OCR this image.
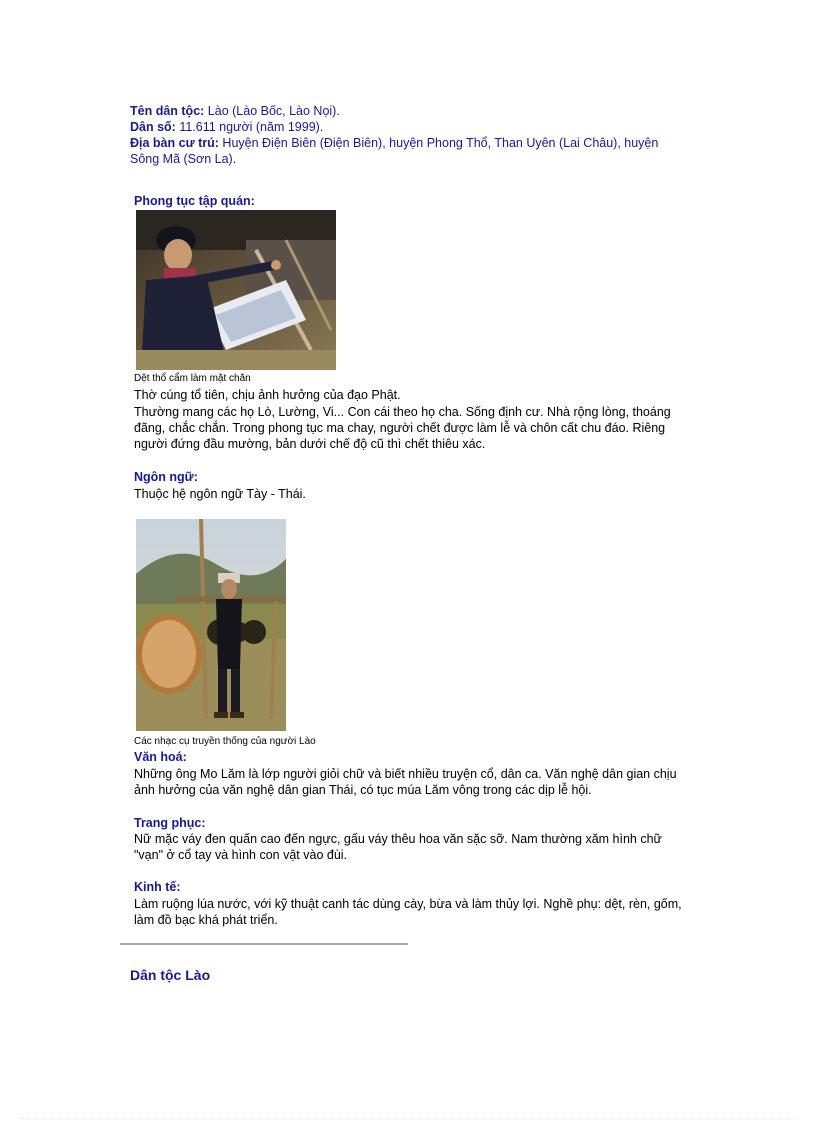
Tên dân tộc: Lào (Lào Bốc, Lào Nọi).
Dân số: 11.611 người (năm 1999).
Địa bàn cư trú: Huyện Điện Biên (Điện Biên), huyện Phong Thổ, Than Uyên (Lai Châu), huyện Sông Mã (Sơn La).
Phong tục tập quán:
Dệt thổ cẩm làm mặt chăn
Thờ cúng tổ tiên, chịu ảnh hưởng của đạo Phật.
Thường mang các họ Lò, Lường, Vi... Con cái theo họ cha. Sống định cư. Nhà rộng lòng, thoáng đãng, chắc chắn. Trong phong tục ma chay, người chết được làm lễ và chôn cất chu đáo. Riêng người đứng đầu mường, bản dưới chế độ cũ thì chết thiêu xác.
Ngôn ngữ:
Thuộc hệ ngôn ngữ Tày - Thái.
Các nhạc cụ truyền thống của người Lào
Văn hoá:
Những ông Mo Lăm là lớp người giỏi chữ và biết nhiều truyện cổ, dân ca. Văn nghệ dân gian chịu ảnh hưởng của văn nghệ dân gian Thái, có tục múa Lăm vông trong các dịp lễ hội.
Trang phục:
Nữ mặc váy đen quấn cao đến ngực, gấu váy thêu hoa văn sặc sỡ. Nam thường xăm hình chữ "vạn" ở cổ tay và hình con vật vào đùi.
Kinh tế:
Làm ruộng lúa nước, với kỹ thuật canh tác dùng cày, bừa và làm thủy lợi. Nghề phụ: dệt, rèn, gốm, làm đồ bạc khá phát triển.
Dân tộc Lào
